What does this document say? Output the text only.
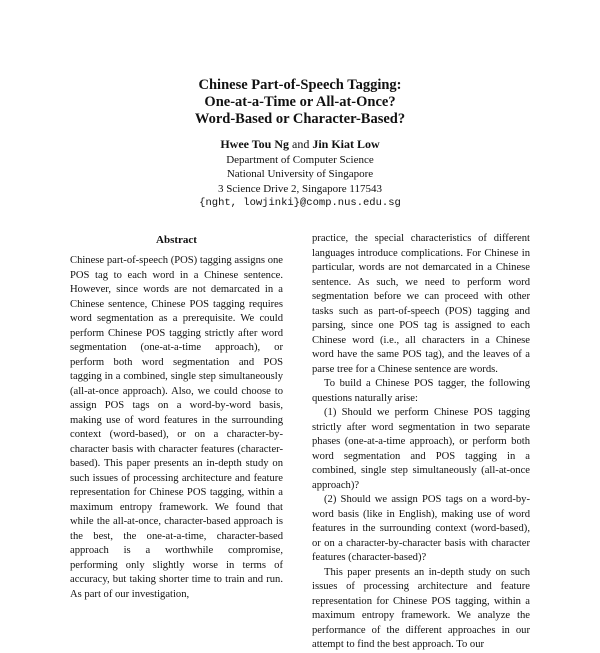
Chinese Part-of-Speech Tagging:
One-at-a-Time or All-at-Once?
Word-Based or Character-Based?
Hwee Tou Ng and Jin Kiat Low
Department of Computer Science
National University of Singapore
3 Science Drive 2, Singapore 117543
{nght, lowjinki}@comp.nus.edu.sg
Abstract

Chinese part-of-speech (POS) tagging assigns one POS tag to each word in a Chinese sentence. However, since words are not demarcated in a Chinese sentence, Chinese POS tagging requires word segmentation as a prerequisite. We could perform Chinese POS tagging strictly after word segmentation (one-at-a-time approach), or perform both word segmentation and POS tagging in a combined, single step simultaneously (all-at-once approach). Also, we could choose to assign POS tags on a word-by-word basis, making use of word features in the surrounding context (word-based), or on a character-by-character basis with character features (character-based). This paper presents an in-depth study on such issues of processing architecture and feature representation for Chinese POS tagging, within a maximum entropy framework. We found that while the all-at-once, character-based approach is the best, the one-at-a-time, character-based approach is a worthwhile compromise, performing only slightly worse in terms of accuracy, but taking shorter time to train and run. As part of our investigation,

practice, the special characteristics of different languages introduce complications. For Chinese in particular, words are not demarcated in a Chinese sentence. As such, we need to perform word segmentation before we can proceed with other tasks such as part-of-speech (POS) tagging and parsing, since one POS tag is assigned to each Chinese word (i.e., all characters in a Chinese word have the same POS tag), and the leaves of a parse tree for a Chinese sentence are words.

To build a Chinese POS tagger, the following questions naturally arise:

(1) Should we perform Chinese POS tagging strictly after word segmentation in two separate phases (one-at-a-time approach), or perform both word segmentation and POS tagging in a combined, single step simultaneously (all-at-once approach)?

(2) Should we assign POS tags on a word-by-word basis (like in English), making use of word features in the surrounding context (word-based), or on a character-by-character basis with character features (character-based)?

This paper presents an in-depth study on such issues of processing architecture and feature representation for Chinese POS tagging, within a maximum entropy framework. We analyze the performance of the different approaches in our attempt to find the best approach. To our
